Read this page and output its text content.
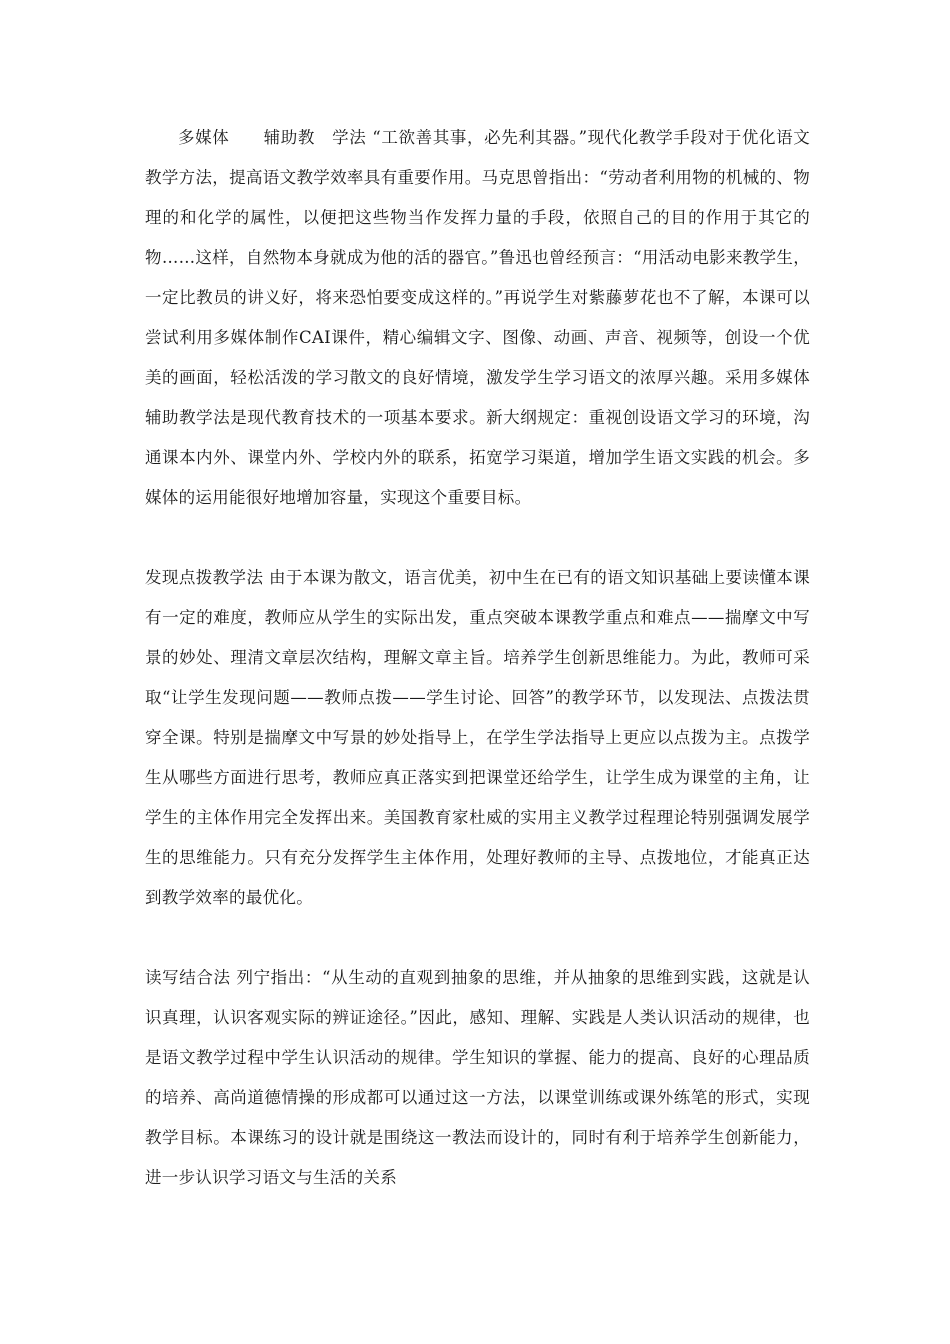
多媒体　　辅助教　学法 “工欲善其事，必先利其器。”现代化教学手段对于优化语文教学方法，提高语文教学效率具有重要作用。马克思曾指出：“劳动者利用物的机械的、物理的和化学的属性，以便把这些物当作发挥力量的手段，依照自己的目的作用于其它的物……这样，自然物本身就成为他的活的器官。”鲁迅也曾经预言：“用活动电影来教学生，一定比教员的讲义好，将来恐怕要变成这样的。”再说学生对紫藤萝花也不了解，本课可以尝试利用多媒体制作CAI课件，精心编辑文字、图像、动画、声音、视频等，创设一个优美的画面，轻松活泼的学习散文的良好情境，激发学生学习语文的浓厚兴趣。采用多媒体辅助教学法是现代教育技术的一项基本要求。新大纲规定：重视创设语文学习的环境，沟通课本内外、课堂内外、学校内外的联系，拓宽学习渠道，增加学生语文实践的机会。多媒体的运用能很好地增加容量，实现这个重要目标。

发现点拨教学法 由于本课为散文，语言优美，初中生在已有的语文知识基础上要读懂本课有一定的难度，教师应从学生的实际出发，重点突破本课教学重点和难点——揣摩文中写景的妙处、理清文章层次结构，理解文章主旨。培养学生创新思维能力。为此，教师可采取“让学生发现问题——教师点拨——学生讨论、回答”的教学环节，以发现法、点拨法贯穿全课。特别是揣摩文中写景的妙处指导上，在学生学法指导上更应以点拨为主。点拨学生从哪些方面进行思考，教师应真正落实到把课堂还给学生，让学生成为课堂的主角，让学生的主体作用完全发挥出来。美国教育家杜威的实用主义教学过程理论特别强调发展学生的思维能力。只有充分发挥学生主体作用，处理好教师的主导、点拨地位，才能真正达到教学效率的最优化。

读写结合法 列宁指出：“从生动的直观到抽象的思维，并从抽象的思维到实践，这就是认识真理，认识客观实际的辨证途径。”因此，感知、理解、实践是人类认识活动的规律，也是语文教学过程中学生认识活动的规律。学生知识的掌握、能力的提高、良好的心理品质的培养、高尚道德情操的形成都可以通过这一方法，以课堂训练或课外练笔的形式，实现教学目标。本课练习的设计就是围绕这一教法而设计的，同时有利于培养学生创新能力，进一步认识学习语文与生活的关系
